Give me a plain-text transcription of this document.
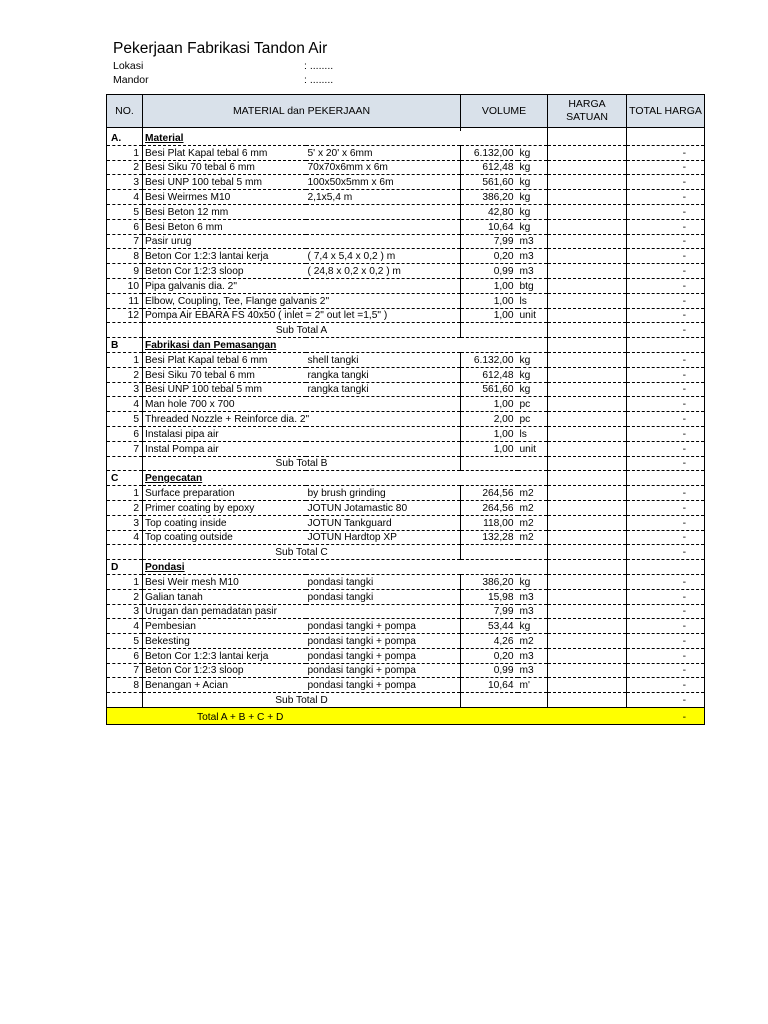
Pekerjaan Fabrikasi Tandon Air
Lokasi	: ........
Mandor	: ........
NO.	MATERIAL dan PEKERJAAN		VOLUME		HARGA SATUAN	TOTAL HARGA

A.	Material					
1	Besi Plat Kapal tebal 6 mm	5' x 20' x 6mm	6.132,00	kg		-
2	Besi Siku 70 tebal 6 mm	70x70x6mm x 6m	612,48	kg		-
3	Besi UNP 100 tebal 5 mm	100x50x5mm x 6m	561,60	kg		-
4	Besi Weirmes M10	2,1x5,4 m	386,20	kg		-
5	Besi Beton 12 mm		42,80	kg		-
6	Besi Beton 6 mm		10,64	kg		-
7	Pasir urug		7,99	m3		-
8	Beton Cor 1:2:3 lantai kerja	( 7,4 x 5,4 x 0,2 ) m	0,20	m3		-
9	Beton Cor 1:2:3 sloop	( 24,8 x 0,2 x 0,2 ) m	0,99	m3		-
10	Pipa galvanis dia. 2"		1,00	btg		-
11	Elbow, Coupling, Tee, Flange galvanis 2"		1,00	ls		-
12	Pompa Air EBARA FS 40x50 ( inlet = 2" out let =1,5" )		1,00	unit		-
	Sub Total A					-
B	Fabrikasi dan Pemasangan					
1	Besi Plat Kapal tebal 6 mm	shell tangki	6.132,00	kg		-
2	Besi Siku 70 tebal 6 mm	rangka tangki	612,48	kg		-
3	Besi UNP 100 tebal 5 mm	rangka tangki	561,60	kg		-
4	Man hole 700 x 700		1,00	pc		-
5	Threaded Nozzle + Reinforce dia. 2"		2,00	pc		-
6	Instalasi pipa air		1,00	ls		-
7	Instal Pompa air		1,00	unit		-
	Sub Total B					-
C	Pengecatan					
1	Surface preparation	by brush grinding	264,56	m2		-
2	Primer coating by epoxy	JOTUN Jotamastic 80	264,56	m2		-
3	Top coating inside	JOTUN Tankguard	118,00	m2		-
4	Top coating outside	JOTUN Hardtop XP	132,28	m2		-
	Sub Total C					-
D	Pondasi					
1	Besi Weir mesh M10	pondasi tangki	386,20	kg		-
2	Galian tanah	pondasi tangki	15,98	m3		-
3	Urugan dan pemadatan pasir		7,99	m3		-
4	Pembesian	pondasi tangki + pompa	53,44	kg		-
5	Bekesting	pondasi tangki + pompa	4,26	m2		-
6	Beton Cor 1:2:3 lantai kerja	pondasi tangki + pompa	0,20	m3		-
7	Beton Cor 1:2:3 sloop	pondasi tangki + pompa	0,99	m3		-
8	Benangan + Acian	pondasi tangki + pompa	10,64	m'		-
	Sub Total D					-
Total A + B + C + D						-
